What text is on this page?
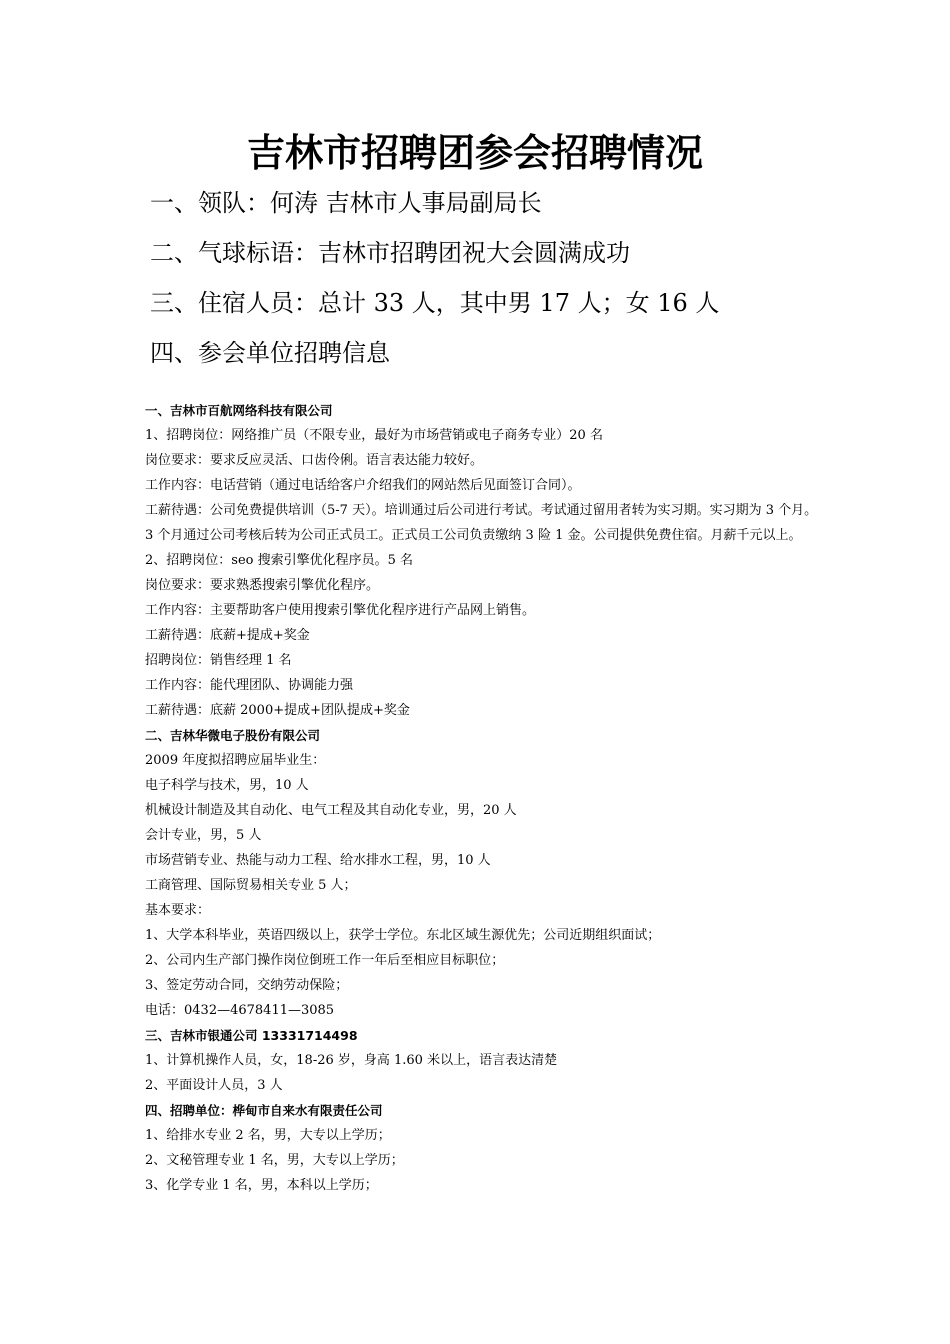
吉林市招聘团参会招聘情况
一、领队：何涛 吉林市人事局副局长
二、气球标语：吉林市招聘团祝大会圆满成功
三、住宿人员：总计 33 人，其中男 17 人；女 16 人
四、参会单位招聘信息
一、吉林市百航网络科技有限公司
1、招聘岗位：网络推广员（不限专业，最好为市场营销或电子商务专业）20 名
岗位要求：要求反应灵活、口齿伶俐。语言表达能力较好。
工作内容：电话营销（通过电话给客户介绍我们的网站然后见面签订合同）。
工薪待遇：公司免费提供培训（5-7 天）。培训通过后公司进行考试。考试通过留用者转为实习期。实习期为 3 个月。3 个月通过公司考核后转为公司正式员工。正式员工公司负责缴纳 3 险 1 金。公司提供免费住宿。月薪千元以上。
2、招聘岗位：seo 搜索引擎优化程序员。5 名
岗位要求：要求熟悉搜索引擎优化程序。
工作内容：主要帮助客户使用搜索引擎优化程序进行产品网上销售。
工薪待遇：底薪+提成+奖金
招聘岗位：销售经理 1 名
工作内容：能代理团队、协调能力强
工薪待遇：底薪 2000+提成+团队提成+奖金
二、吉林华微电子股份有限公司
2009 年度拟招聘应届毕业生：
电子科学与技术，男，10 人
机械设计制造及其自动化、电气工程及其自动化专业，男，20 人
会计专业，男，5 人
市场营销专业、热能与动力工程、给水排水工程，男，10 人
工商管理、国际贸易相关专业 5 人；
基本要求：
1、大学本科毕业，英语四级以上，获学士学位。东北区域生源优先；公司近期组织面试；
2、公司内生产部门操作岗位倒班工作一年后至相应目标职位；
3、签定劳动合同，交纳劳动保险；
电话：0432—4678411—3085
三、吉林市银通公司 13331714498
1、计算机操作人员，女，18-26 岁，身高 1.60 米以上，语言表达清楚
2、平面设计人员，3 人
四、招聘单位：桦甸市自来水有限责任公司
1、给排水专业 2 名，男，大专以上学历；
2、文秘管理专业 1 名，男，大专以上学历；
3、化学专业 1 名，男，本科以上学历；
